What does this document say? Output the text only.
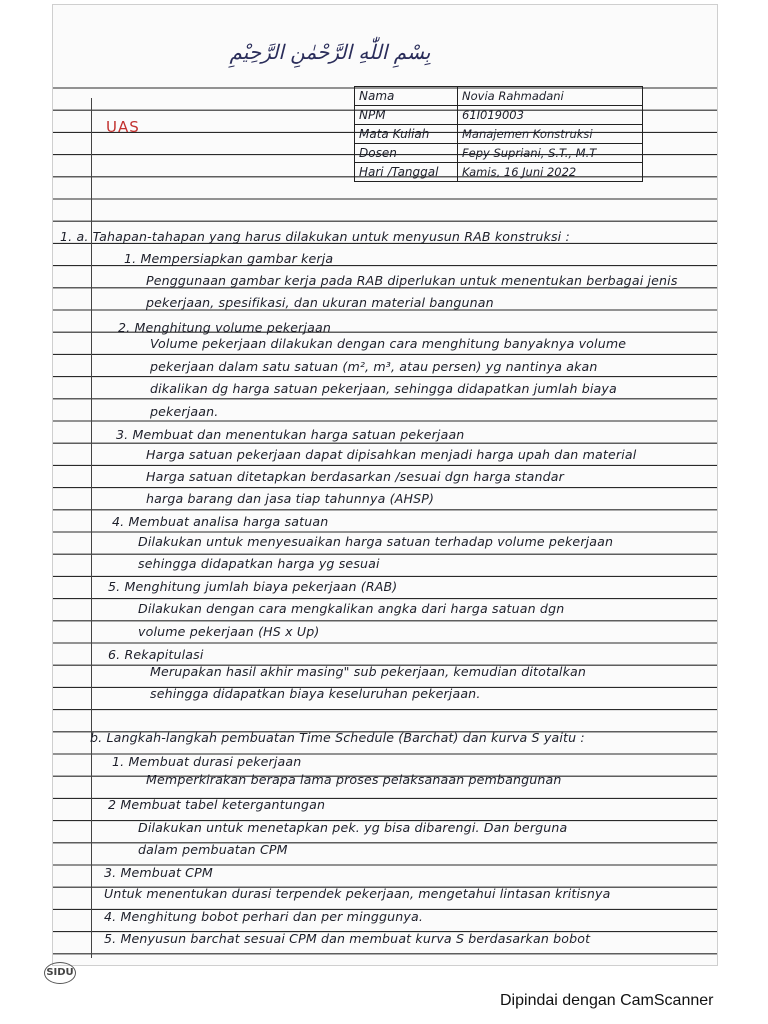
بِسْمِ اللّٰهِ الرَّحْمٰنِ الرَّحِيْمِ
UAS
Nama	Novia Rahmadani
NPM	61I019003
Mata Kuliah	Manajemen Konstruksi
Dosen	Fepy Supriani, S.T., M.T
Hari /Tanggal	Kamis, 16 Juni 2022
1. a. Tahapan-tahapan yang harus dilakukan untuk menyusun RAB konstruksi :
1. Mempersiapkan gambar kerja
Penggunaan gambar kerja pada RAB diperlukan untuk menentukan berbagai jenis
pekerjaan, spesifikasi, dan ukuran material bangunan
2. Menghitung volume pekerjaan
Volume pekerjaan dilakukan dengan cara menghitung banyaknya volume
pekerjaan dalam satu satuan (m², m³, atau persen) yg nantinya akan
dikalikan dg harga satuan pekerjaan, sehingga didapatkan jumlah biaya
pekerjaan.
3. Membuat dan menentukan harga satuan pekerjaan
Harga satuan pekerjaan dapat dipisahkan menjadi harga upah dan material
Harga satuan ditetapkan berdasarkan /sesuai dgn harga standar
harga barang dan jasa tiap tahunnya (AHSP)
4. Membuat analisa harga satuan
Dilakukan untuk menyesuaikan harga satuan terhadap volume pekerjaan
sehingga didapatkan harga yg sesuai
5. Menghitung jumlah biaya pekerjaan (RAB)
Dilakukan dengan cara mengkalikan angka dari harga satuan dgn
volume pekerjaan (HS x Up)
6. Rekapitulasi
Merupakan hasil akhir masing" sub pekerjaan, kemudian ditotalkan
sehingga didapatkan biaya keseluruhan pekerjaan.
b. Langkah-langkah pembuatan Time Schedule (Barchat) dan kurva S yaitu :
1. Membuat durasi pekerjaan
Memperkirakan berapa lama proses pelaksanaan pembangunan
2 Membuat tabel ketergantungan
Dilakukan untuk menetapkan pek. yg bisa dibarengi. Dan berguna
dalam pembuatan CPM
3. Membuat CPM
Untuk menentukan durasi terpendek pekerjaan, mengetahui lintasan kritisnya
4. Menghitung bobot perhari dan per minggunya.
5. Menyusun barchat sesuai CPM dan membuat kurva S berdasarkan bobot
SIDU
Dipindai dengan CamScanner
